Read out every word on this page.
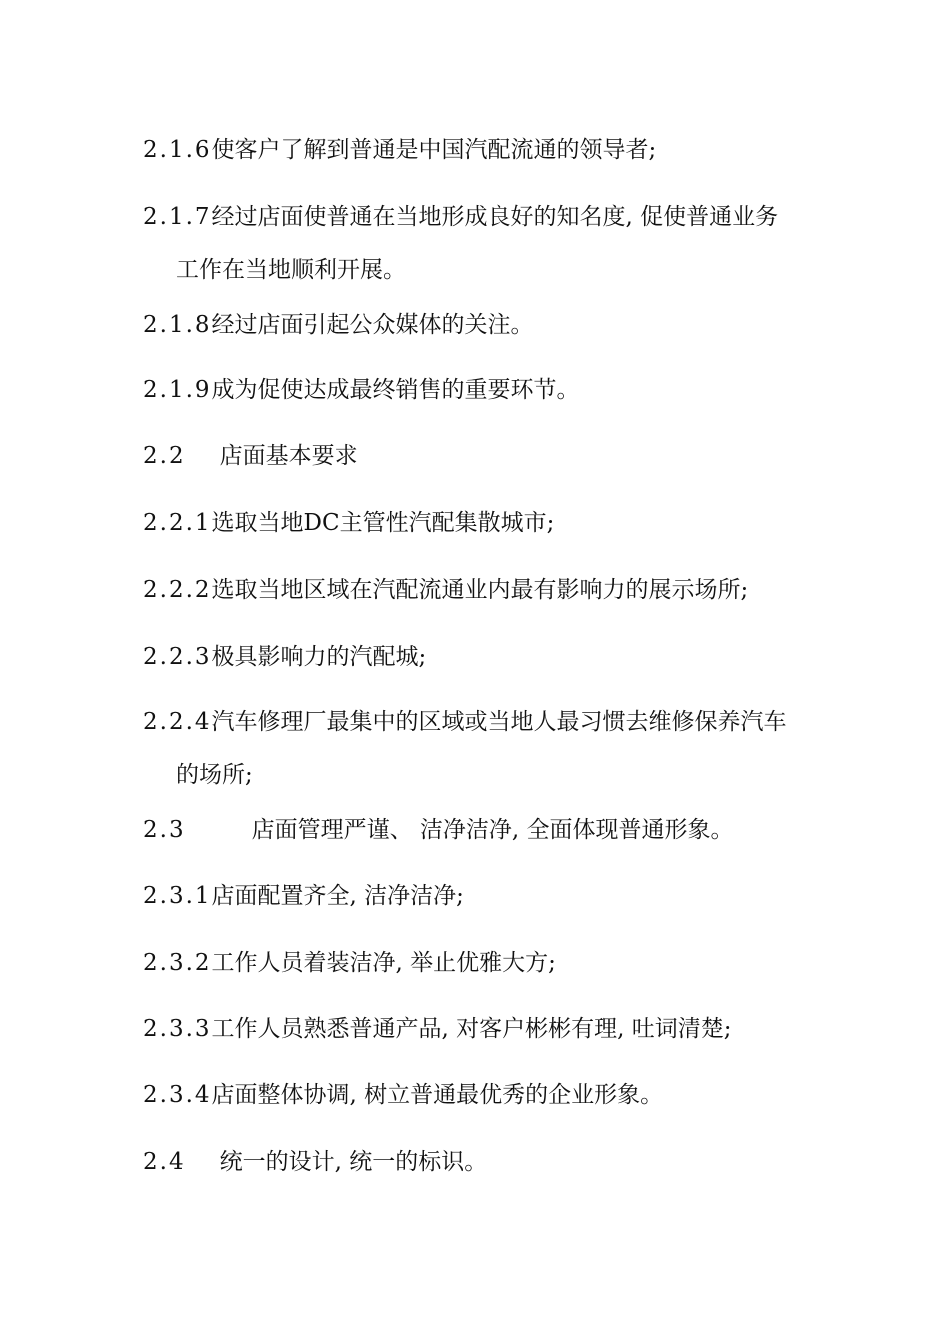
2.1.6使客户了解到普通是中国汽配流通的领导者;
2.1.7经过店面使普通在当地形成良好的知名度, 促使普通业务
工作在当地顺利开展。
2.1.8经过店面引起公众媒体的关注。
2.1.9成为促使达成最终销售的重要环节。
2.2 店面基本要求
2.2.1选取当地DC主管性汽配集散城市;
2.2.2选取当地区域在汽配流通业内最有影响力的展示场所;
2.2.3极具影响力的汽配城;
2.2.4汽车修理厂最集中的区域或当地人最习惯去维修保养汽车
的场所;
2.3	店面管理严谨、 洁净洁净, 全面体现普通形象。
2.3.1店面配置齐全, 洁净洁净;
2.3.2工作人员着装洁净, 举止优雅大方;
2.3.3工作人员熟悉普通产品, 对客户彬彬有理, 吐词清楚;
2.3.4店面整体协调, 树立普通最优秀的企业形象。
2.4 统一的设计, 统一的标识。
